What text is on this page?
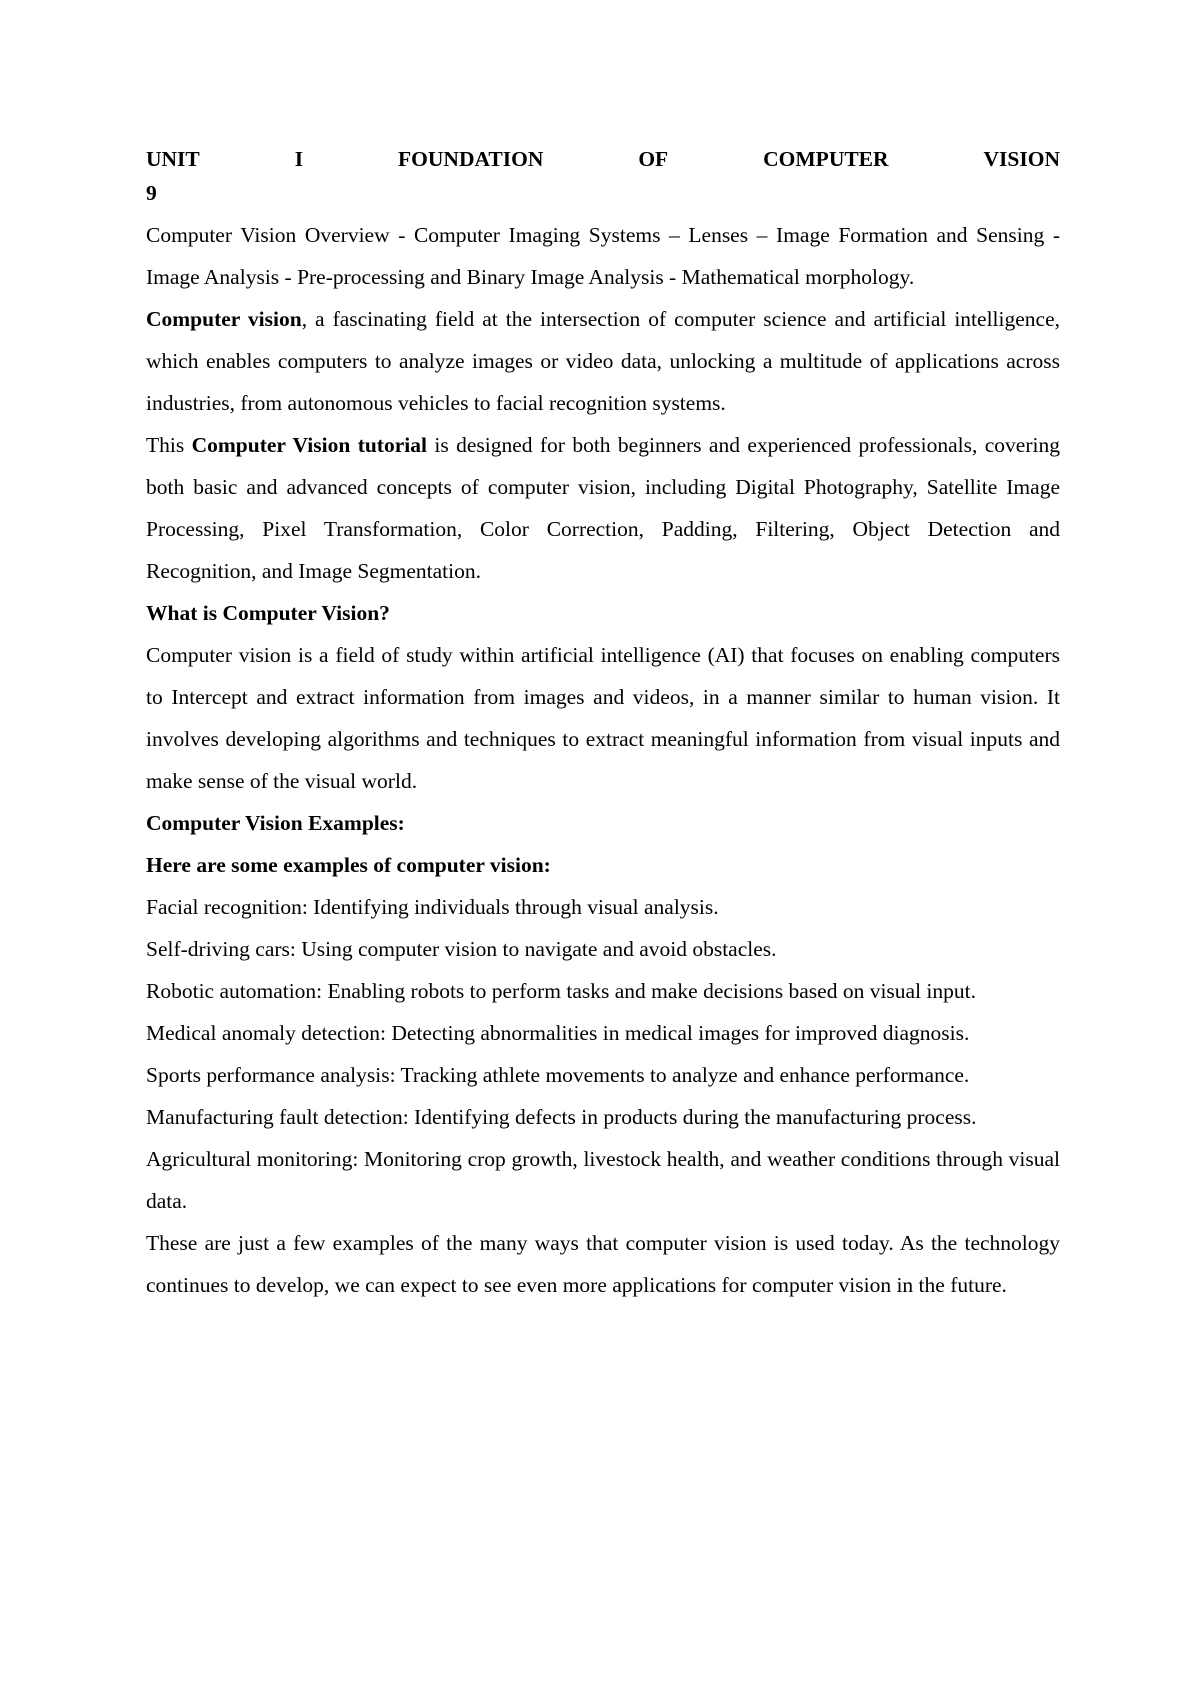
UNIT	I	FOUNDATION	OF	COMPUTER	VISION

9

Computer Vision Overview - Computer Imaging Systems – Lenses – Image Formation and Sensing - Image Analysis - Pre-processing and Binary Image Analysis - Mathematical morphology.

Computer vision, a fascinating field at the intersection of computer science and artificial intelligence, which enables computers to analyze images or video data, unlocking a multitude of applications across industries, from autonomous vehicles to facial recognition systems.

This Computer Vision tutorial is designed for both beginners and experienced professionals, covering both basic and advanced concepts of computer vision, including Digital Photography, Satellite Image Processing, Pixel Transformation, Color Correction, Padding, Filtering, Object Detection and Recognition, and Image Segmentation.

What is Computer Vision?

Computer vision is a field of study within artificial intelligence (AI) that focuses on enabling computers to Intercept and extract information from images and videos, in a manner similar to human vision. It involves developing algorithms and techniques to extract meaningful information from visual inputs and make sense of the visual world.

Computer Vision Examples:

Here are some examples of computer vision:

Facial recognition: Identifying individuals through visual analysis.

Self-driving cars: Using computer vision to navigate and avoid obstacles.

Robotic automation: Enabling robots to perform tasks and make decisions based on visual input.

Medical anomaly detection: Detecting abnormalities in medical images for improved diagnosis.

Sports performance analysis: Tracking athlete movements to analyze and enhance performance.

Manufacturing fault detection: Identifying defects in products during the manufacturing process.

Agricultural monitoring: Monitoring crop growth, livestock health, and weather conditions through visual data.

These are just a few examples of the many ways that computer vision is used today. As the technology continues to develop, we can expect to see even more applications for computer vision in the future.
